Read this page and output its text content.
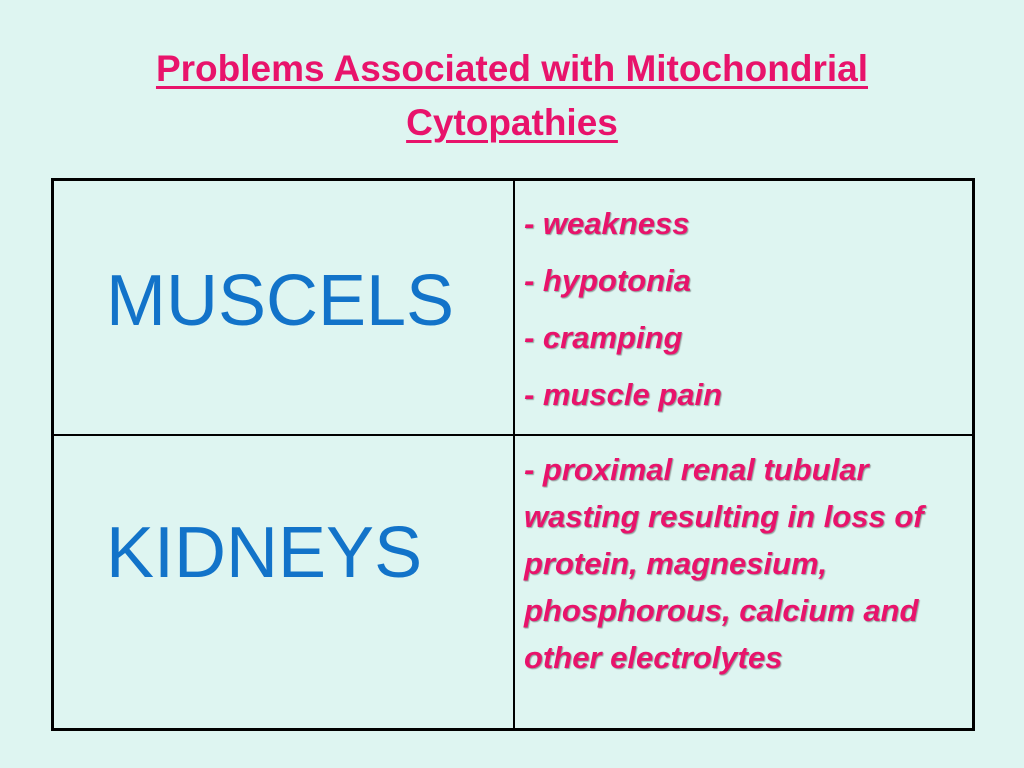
Problems Associated with Mitochondrial Cytopathies
MUSCELS
- weakness
- hypotonia
- cramping
- muscle pain
KIDNEYS
- proximal renal tubular wasting resulting in loss of protein, magnesium, phosphorous, calcium and other electrolytes
